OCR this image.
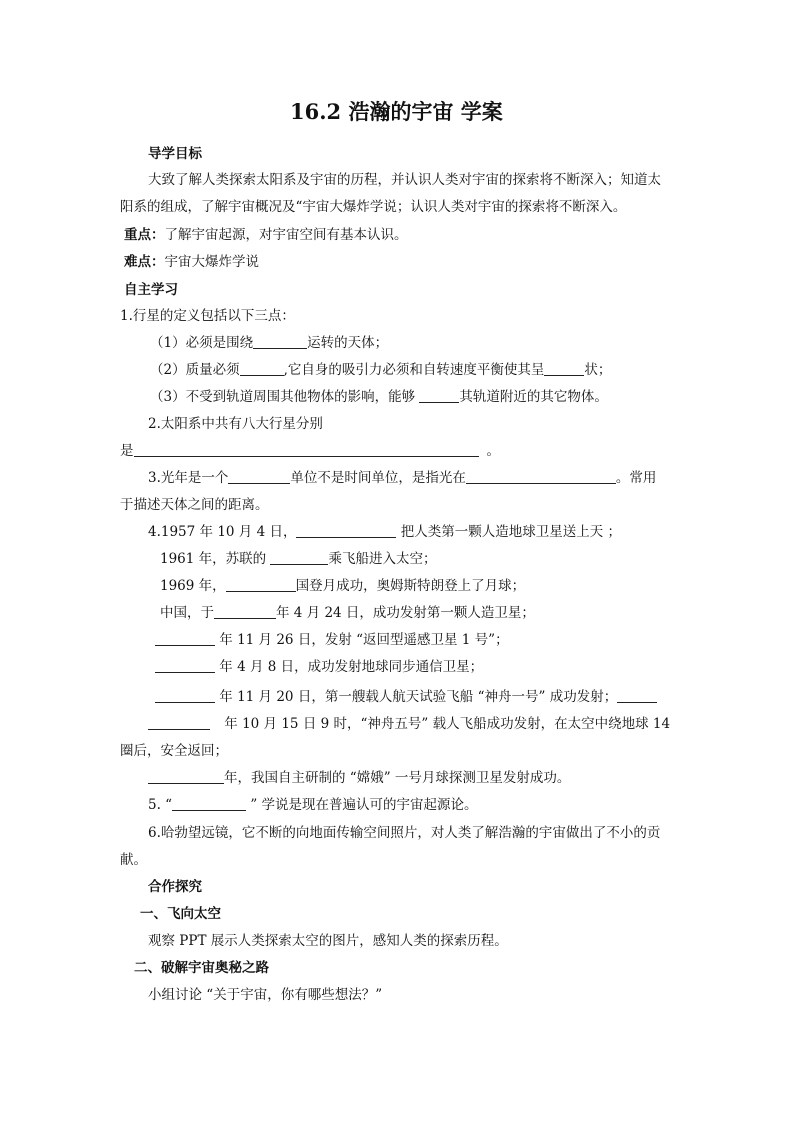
16.2 浩瀚的宇宙 学案
导学目标
大致了解人类探索太阳系及宇宙的历程，并认识人类对宇宙的探索将不断深入；知道太
阳系的组成，了解宇宙概况及“宇宙大爆炸学说；认识人类对宇宙的探索将不断深入。
重点：了解宇宙起源，对宇宙空间有基本认识。
难点：宇宙大爆炸学说
自主学习
1.行星的定义包括以下三点：
（1）必须是围绕	运转的天体；
（2）质量必须	,它自身的吸引力必须和自转速度平衡使其呈	状；
（3）不受到轨道周围其他物体的影响，能够	其轨道附近的其它物体。
2.太阳系中共有八大行星分别
是	。
3.光年是一个	单位不是时间单位，是指光在	。常用
于描述天体之间的距离。
4.1957 年 10 月 4 日，	把人类第一颗人造地球卫星送上天 ；
1961 年，苏联的	乘飞船进入太空；
1969 年，	国登月成功，奥姆斯特朗登上了月球；
中国，于	年 4 月 24 日，成功发射第一颗人造卫星；
年 11 月 26 日，发射 “返回型遥感卫星 1 号”；
年 4 月 8 日，成功发射地球同步通信卫星；
年 11 月 20 日，第一艘载人航天试验飞船 “神舟一号” 成功发射；
年 10 月 15 日 9 时，“神舟五号” 载人飞船成功发射，在太空中绕地球 14
圈后，安全返回；
年，我国自主研制的 “嫦娥” 一号月球探测卫星发射成功。
5. “	” 学说是现在普遍认可的宇宙起源论。
6.哈勃望远镜，它不断的向地面传输空间照片，对人类了解浩瀚的宇宙做出了不小的贡
献。
合作探究
一、飞向太空
观察 PPT 展示人类探索太空的图片，感知人类的探索历程。
二、破解宇宙奥秘之路
小组讨论 “关于宇宙，你有哪些想法？”
